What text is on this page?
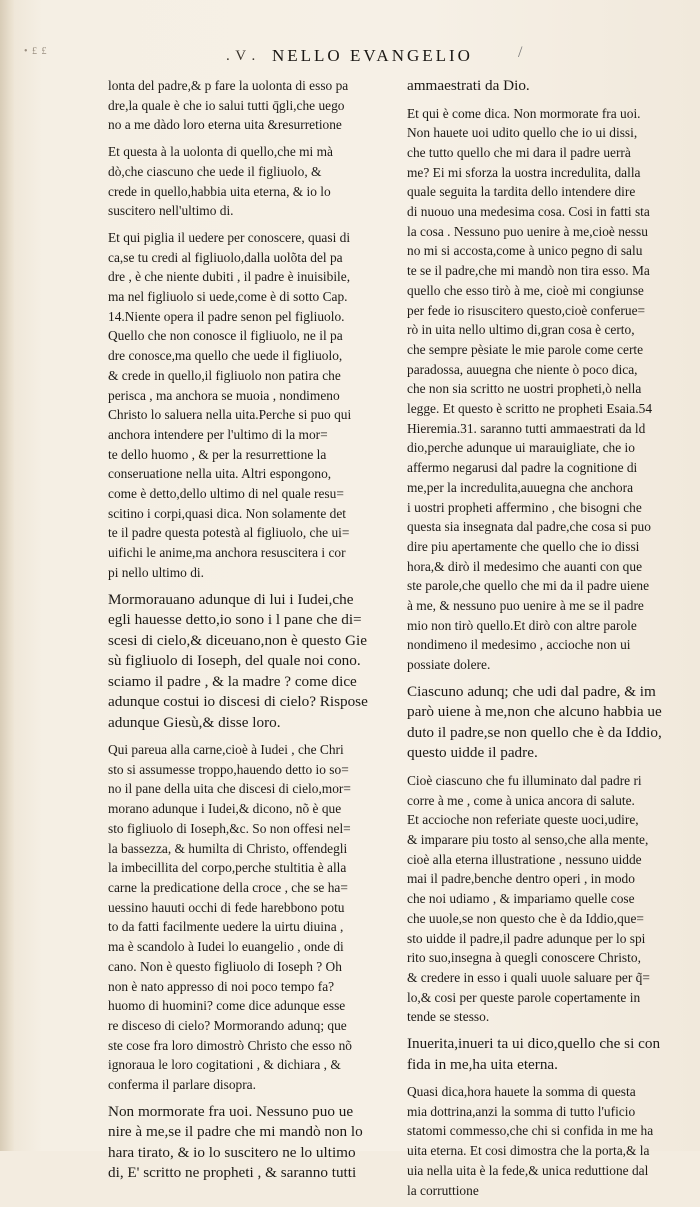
• £ £	. V . NELLO EVANGELIO	/
lonta del padre,& p fare la uolonta di esso pa
dre,la quale è che io salui tutti q̄gli,che uego
no a me dàdo loro eterna uita &resurretione
Et questa à la uolonta di quello,che mi mà
dò,che ciascuno che uede il figliuolo, &
crede in quello,habbia uita eterna, & io lo
suscitero nell'ultimo di.
Et qui piglia il uedere per conoscere, quasi di
ca,se tu credi al figliuolo,dalla uolõta del pa
dre , è che niente dubiti , il padre è inuisibile,
ma nel figliuolo si uede,come è di sotto Cap.
14.Niente opera il padre senon pel figliuolo.
Quello che non conosce il figliuolo, ne il pa
dre conosce,ma quello che uede il figliuolo,
& crede in quello,il figliuolo non patira che
perisca , ma anchora se muoia , nondimeno
Christo lo saluera nella uita.Perche si puo qui
anchora intendere per l'ultimo di la mor=
te dello huomo , & per la resurrettione la
conseruatione nella uita. Altri espongono,
come è detto,dello ultimo di nel quale resu=
scitino i corpi,quasi dica. Non solamente det
te il padre questa potestà al figliuolo, che ui=
uifichi le anime,ma anchora resuscitera i cor
pi nello ultimo di.
Mormorauano adunque di lui i Iudei,che
egli hauesse detto,io sono i l pane che di=
scesi di cielo,& diceuano,non è questo Gie
sù figliuolo di Ioseph, del quale noi cono.
sciamo il padre , & la madre ? come dice
adunque costui io discesi di cielo? Rispose
adunque Giesù,& disse loro.
Qui pareua alla carne,cioè à Iudei , che Chri
sto si assumesse troppo,hauendo detto io so=
no il pane della uita che discesi di cielo,mor=
morano adunque i Iudei,& dicono, nõ è que
sto figliuolo di Ioseph,&c. So non offesi nel=
la bassezza, & humilta di Christo, offendegli
la imbecillita del corpo,perche stultitia è alla
carne la predicatione della croce , che se ha=
uessino hauuti occhi di fede harebbono potu
to da fatti facilmente uedere la uirtu diuina ,
ma è scandolo à Iudei lo euangelio , onde di
cano. Non è questo figliuolo di Ioseph ? Oh
non è nato appresso di noi poco tempo fa?
huomo di huomini? come dice adunque esse
re disceso di cielo? Mormorando adunq; que
ste cose fra loro dimostrò Christo che esso nõ
ignoraua le loro cogitationi , & dichiara , &
conferma il parlare disopra.
Non mormorate fra uoi. Nessuno puo ue
nire à me,se il padre che mi mandò non lo
hara tirato, & io lo suscitero ne lo ultimo
di, E' scritto ne propheti , & saranno tutti
ammaestrati da Dio.
Et qui è come dica. Non mormorate fra uoi.
Non hauete uoi udito quello che io ui dissi,
che tutto quello che mi dara il padre uerrà
me? Ei mi sforza la uostra incredulita, dalla
quale seguita la tardita dello intendere dire
di nuouo una medesima cosa. Cosi in fatti sta
la cosa . Nessuno puo uenire à me,cioè nessu
no mi si accosta,come à unico pegno di salu
te se il padre,che mi mandò non tira esso. Ma
quello che esso tirò à me, cioè mi congiunse
per fede io risuscitero questo,cioè conferue=
rò in uita nello ultimo di,gran cosa è certo,
che sempre pèsiate le mie parole come certe
paradossa, auuegna che niente ò poco dica,
che non sia scritto ne uostri propheti,ò nella
legge. Et questo è scritto ne propheti Esaia.54
Hieremia.31. saranno tutti ammaestrati da ld
dio,perche adunque ui marauigliate, che io
affermo negarusi dal padre la cognitione di
me,per la incredulita,auuegna che anchora
i uostri propheti affermino , che bisogni che
questa sia insegnata dal padre,che cosa si puo
dire piu apertamente che quello che io dissi
hora,& dirò il medesimo che auanti con que
ste parole,che quello che mi da il padre uiene
à me, & nessuno puo uenire à me se il padre
mio non tirò quello.Et dirò con altre parole
nondimeno il medesimo , accioche non ui
possiate dolere.
Ciascuno adunq; che udi dal padre, & im
parò uiene à me,non che alcuno habbia ue
duto il padre,se non quello che è da Iddio,
questo uidde il padre.
Cioè ciascuno che fu illuminato dal padre ri
corre à me , come à unica ancora di salute.
Et accioche non referiate queste uoci,udire,
& imparare piu tosto al senso,che alla mente,
cioè alla eterna illustratione , nessuno uidde
mai il padre,benche dentro operi , in modo
che noi udiamo , & impariamo quelle cose
che uuole,se non questo che è da Iddio,que=
sto uidde il padre,il padre adunque per lo spi
rito suo,insegna à quegli conoscere Christo,
& credere in esso i quali uuole saluare per q̃=
lo,& cosi per queste parole copertamente in
tende se stesso.
Inuerita,inueri ta ui dico,quello che si con
fida in me,ha uita eterna.
Quasi dica,hora hauete la somma di questa
mia dottrina,anzi la somma di tutto l'uficio
statomi commesso,che chi si confida in me ha
uita eterna. Et cosi dimostra che la porta,& la
uia nella uita è la fede,& unica reduttione dal
la corruttione
